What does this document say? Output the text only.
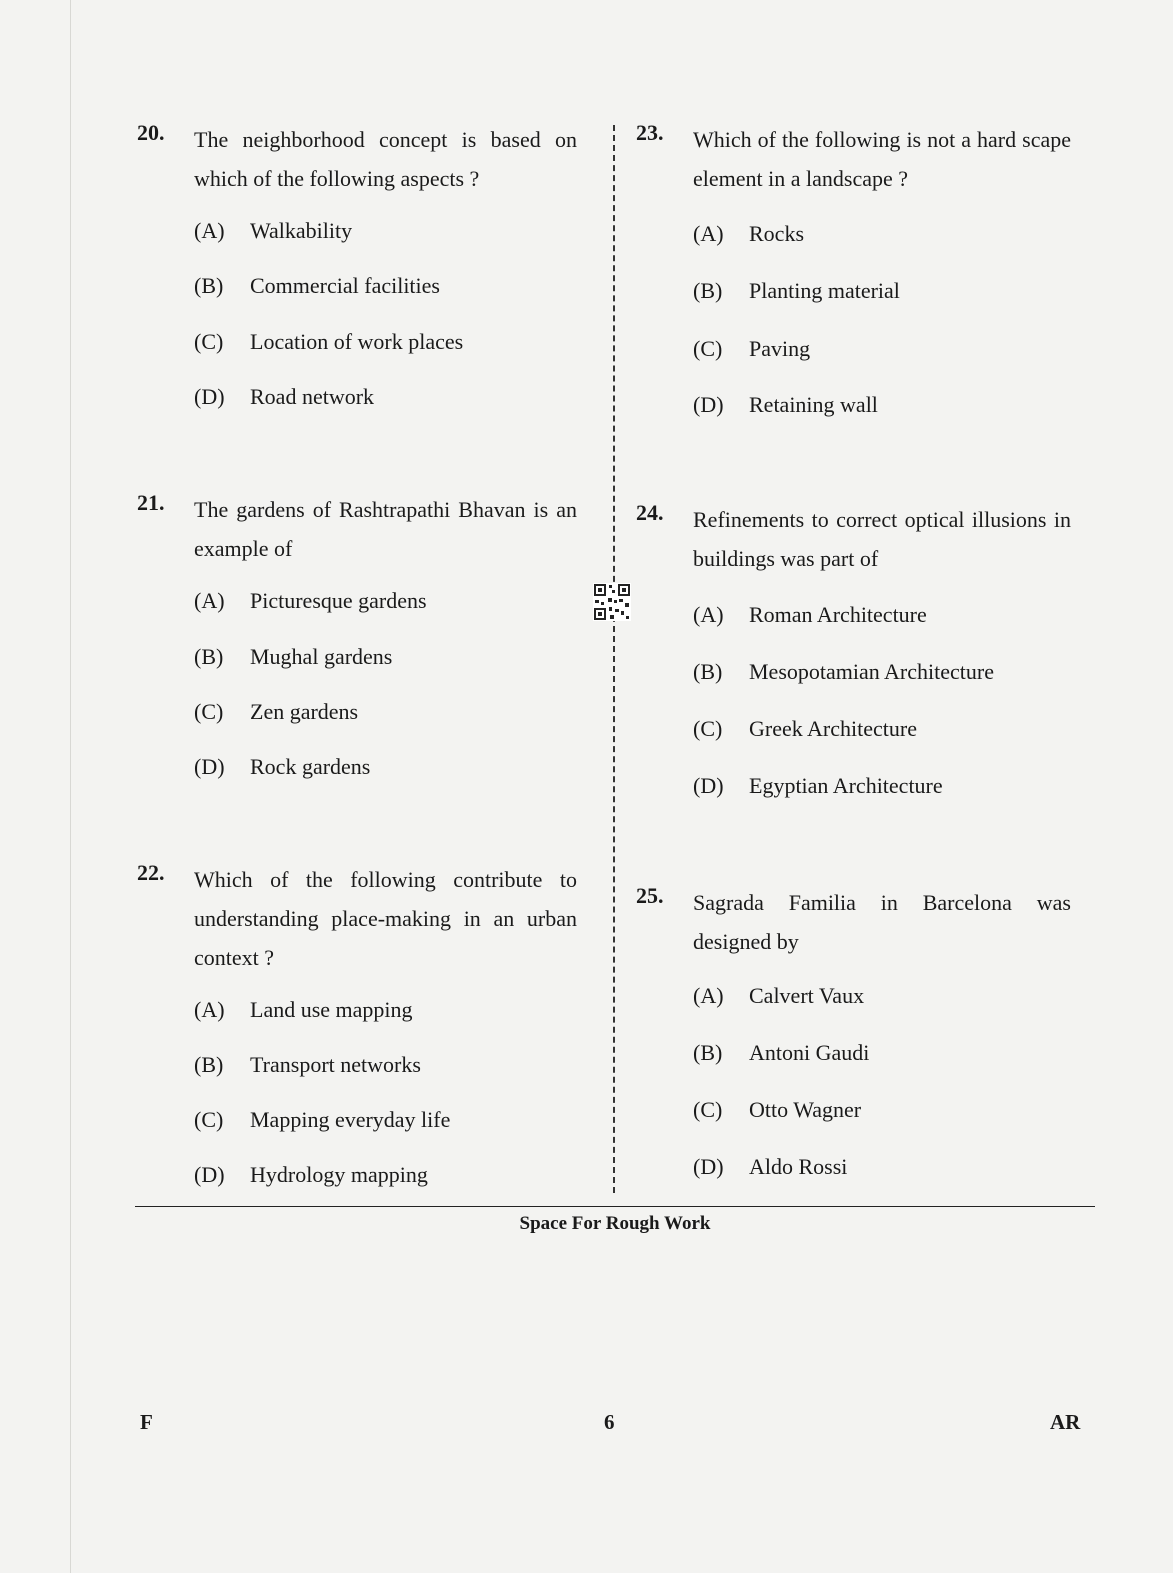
20. The neighborhood concept is based on which of the following aspects ?
(A) Walkability
(B) Commercial facilities
(C) Location of work places
(D) Road network
21. The gardens of Rashtrapathi Bhavan is an example of
(A) Picturesque gardens
(B) Mughal gardens
(C) Zen gardens
(D) Rock gardens
22. Which of the following contribute to understanding place-making in an urban context ?
(A) Land use mapping
(B) Transport networks
(C) Mapping everyday life
(D) Hydrology mapping
23. Which of the following is not a hard scape element in a landscape ?
(A) Rocks
(B) Planting material
(C) Paving
(D) Retaining wall
24. Refinements to correct optical illusions in buildings was part of
(A) Roman Architecture
(B) Mesopotamian Architecture
(C) Greek Architecture
(D) Egyptian Architecture
25. Sagrada Familia in Barcelona was designed by
(A) Calvert Vaux
(B) Antoni Gaudi
(C) Otto Wagner
(D) Aldo Rossi
Space For Rough Work
F	6	AR
